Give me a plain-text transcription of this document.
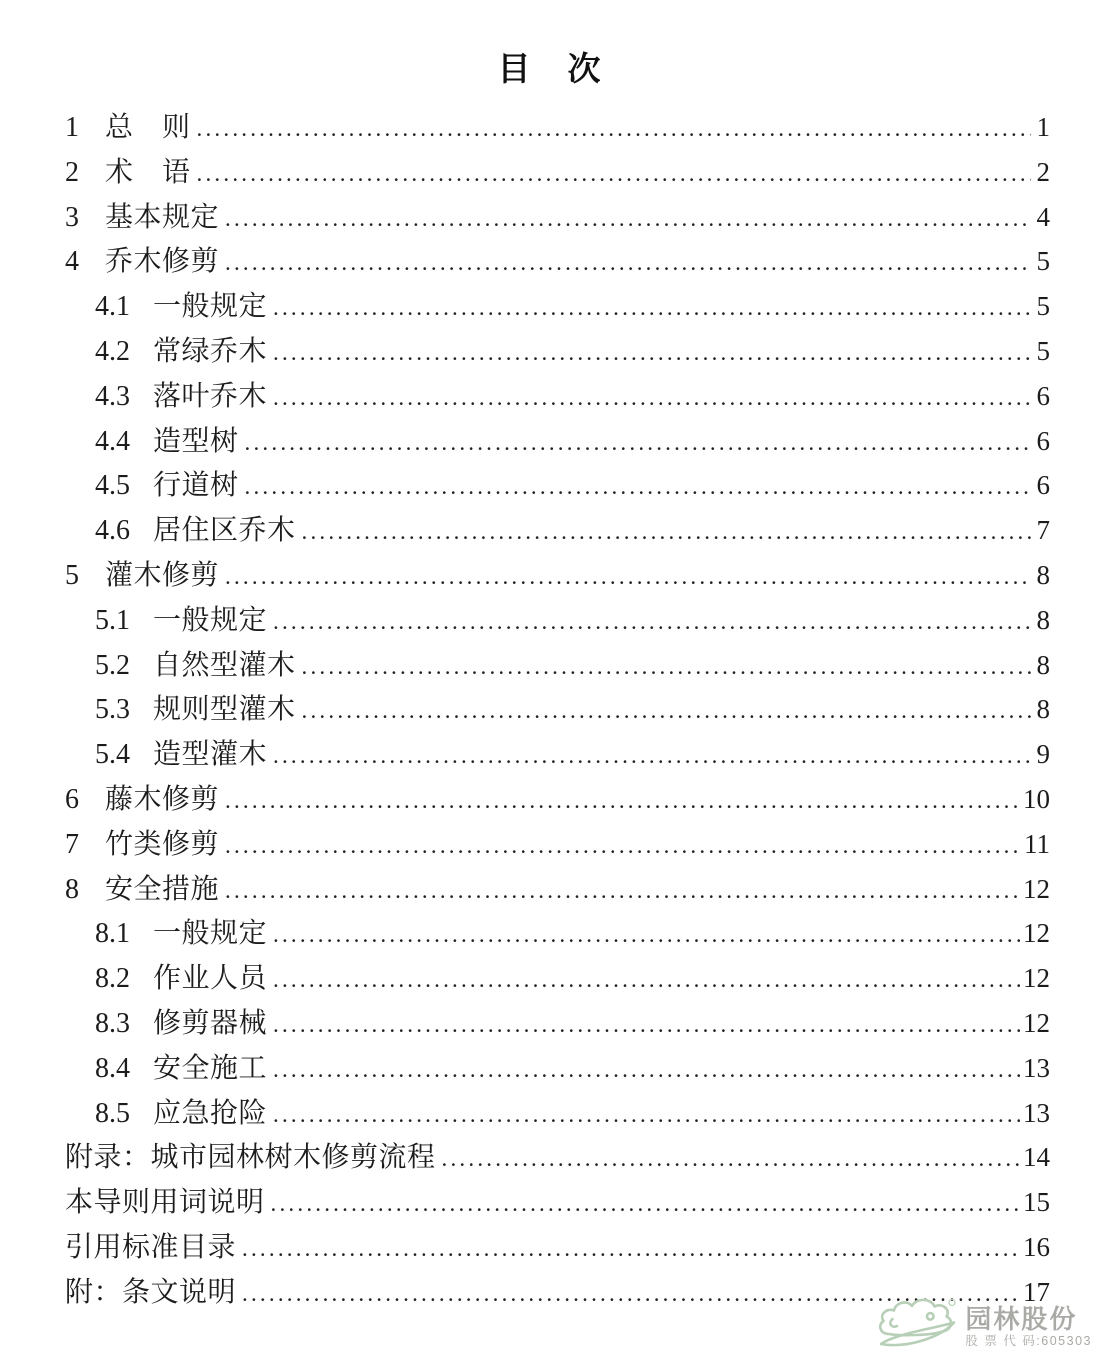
目　次
1 总　则 .....	1
2 术　语 .....	2
3 基本规定 .....	4
4 乔木修剪 .....	5
4.1 一般规定 .....	5
4.2 常绿乔木 .....	5
4.3 落叶乔木 .....	6
4.4 造型树 .....	6
4.5 行道树 .....	6
4.6 居住区乔木 .....	7
5 灌木修剪 .....	8
5.1 一般规定 .....	8
5.2 自然型灌木 .....	8
5.3 规则型灌木 .....	8
5.4 造型灌木 .....	9
6 藤木修剪 .....	10
7 竹类修剪 .....	11
8 安全措施 .....	12
8.1 一般规定 .....	12
8.2 作业人员 .....	12
8.3 修剪器械 .....	12
8.4 安全施工 .....	13
8.5 应急抢险 .....	13
附录：城市园林树木修剪流程 .....	14
本导则用词说明 .....	15
引用标准目录 .....	16
附：条文说明 .....	17
园林股份
股 票 代 码:605303
